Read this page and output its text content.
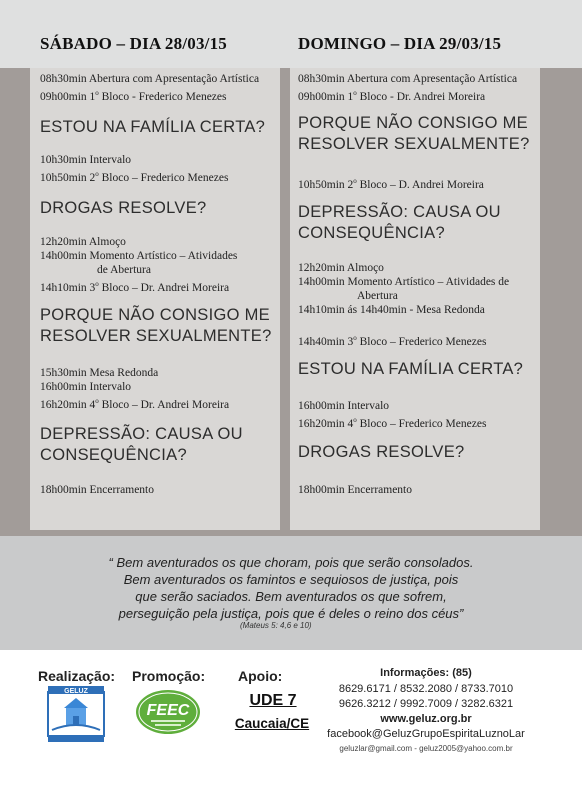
SÁBADO – DIA 28/03/15
08h30min Abertura com Apresentação Artística
09h00min 1$^o$ Bloco - Frederico Menezes
ESTOU NA FAMÍLIA CERTA?
10h30min Intervalo
10h50min 2$^o$ Bloco – Frederico Menezes
DROGAS RESOLVE?
12h20min Almoço
14h00min Momento Artístico – Atividades
de Abertura
14h10min 3$^o$ Bloco – Dr. Andrei Moreira
PORQUE NÃO CONSIGO ME
RESOLVER SEXUALMENTE?
15h30min Mesa Redonda
16h00min Intervalo
16h20min 4$^o$ Bloco – Dr. Andrei Moreira
DEPRESSÃO: CAUSA OU
CONSEQUÊNCIA?
18h00min Encerramento
DOMINGO – DIA 29/03/15
08h30min Abertura com Apresentação Artística
09h00min 1$^o$ Bloco - Dr. Andrei Moreira
PORQUE NÃO CONSIGO ME
RESOLVER SEXUALMENTE?
10h50min 2$^o$ Bloco – D. Andrei Moreira
DEPRESSÃO: CAUSA OU
CONSEQUÊNCIA?
12h20min Almoço
14h00min Momento Artístico – Atividades de
Abertura
14h10min ás 14h40min - Mesa Redonda
14h40min 3$^o$ Bloco – Frederico Menezes
ESTOU NA FAMÍLIA CERTA?
16h00min Intervalo
16h20min 4$^o$ Bloco – Frederico Menezes
DROGAS RESOLVE?
18h00min Encerramento
“ Bem aventurados os que choram, pois que serão consolados.
Bem aventurados os famintos e sequiosos de justiça, pois
que serão saciados. Bem aventurados os que sofrem,
perseguição pela justiça, pois que é deles o reino dos céus”
(Mateus 5: 4,6 e 10)
Realização: Promoção: Apoio:
GELUZ
FEEC
UDE 7
Caucaia/CE
Informações: (85)
8629.6171 / 8532.2080 / 8733.7010
9626.3212 / 9992.7009 / 3282.6321
www.geluz.org.br
facebook@GeluzGrupoEspiritaLuznoLar
geluzlar@gmail.com - geluz2005@yahoo.com.br
